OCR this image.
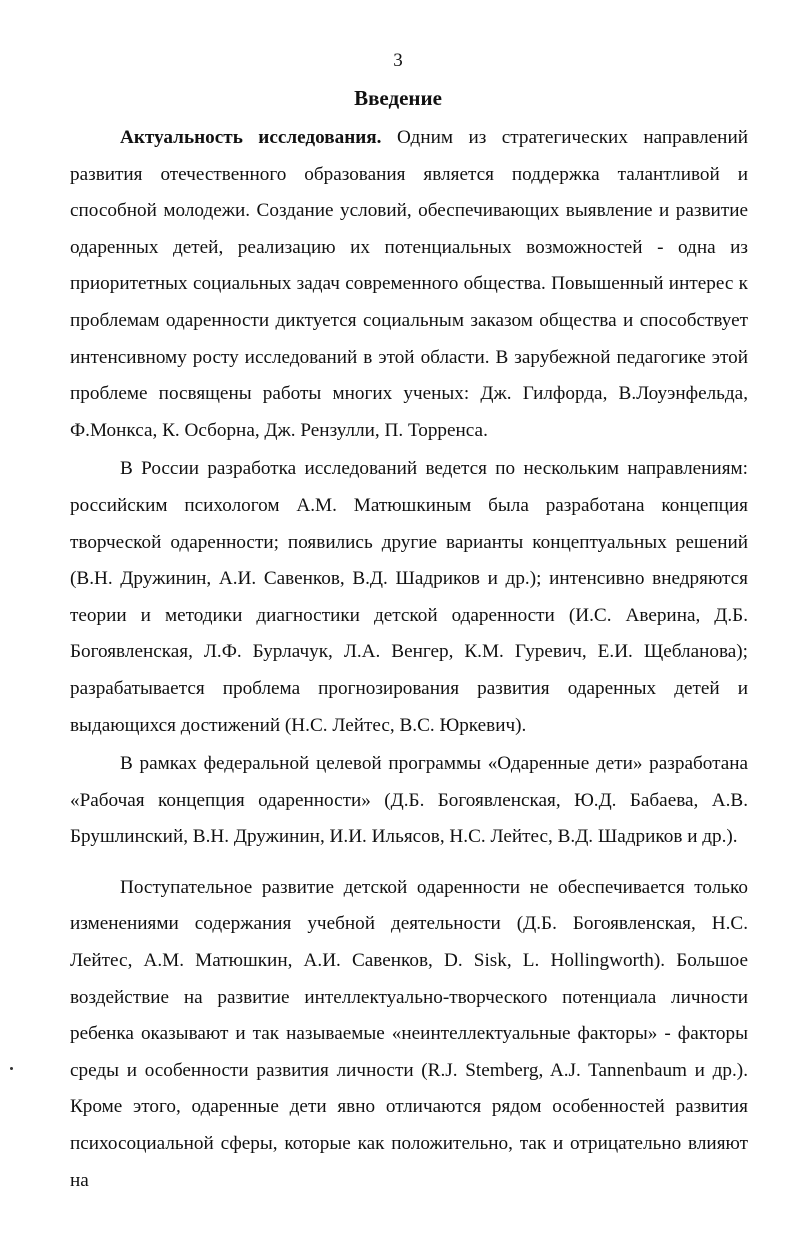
3
Введение

Актуальность исследования. Одним из стратегических направлений развития отечественного образования является поддержка талантливой и способной молодежи. Создание условий, обеспечивающих выявление и развитие одаренных детей, реализацию их потенциальных возможностей - одна из приоритетных социальных задач современного общества. Повышенный интерес к проблемам одаренности диктуется социальным заказом общества и способствует интенсивному росту исследований в этой области. В зарубежной педагогике этой проблеме посвящены работы многих ученых: Дж. Гилфорда, В.Лоуэнфельда, Ф.Монкса, К. Осборна, Дж. Рензулли, П. Торренса.

В России разработка исследований ведется по нескольким направлениям: российским психологом А.М. Матюшкиным была разработана концепция творческой одаренности; появились другие варианты концептуальных решений (В.Н. Дружинин, А.И. Савенков, В.Д. Шадриков и др.); интенсивно внедряются теории и методики диагностики детской одаренности (И.С. Аверина, Д.Б. Богоявленская, Л.Ф. Бурлачук, Л.А. Венгер, К.М. Гуревич, Е.И. Щебланова); разрабатывается проблема прогнозирования развития одаренных детей и выдающихся достижений (Н.С. Лейтес, В.С. Юркевич).

В рамках федеральной целевой программы «Одаренные дети» разработана «Рабочая концепция одаренности» (Д.Б. Богоявленская, Ю.Д. Бабаева, А.В. Брушлинский, В.Н. Дружинин, И.И. Ильясов, Н.С. Лейтес, В.Д. Шадриков и др.).

Поступательное развитие детской одаренности не обеспечивается только изменениями содержания учебной деятельности (Д.Б. Богоявленская, Н.С. Лейтес, А.М. Матюшкин, А.И. Савенков, D. Sisk, L. Hollingworth). Большое воздействие на развитие интеллектуально-творческого потенциала личности ребенка оказывают и так называемые «неинтеллектуальные факторы» - факторы среды и особенности развития личности (R.J. Stemberg, A.J. Tannenbaum и др.). Кроме этого, одаренные дети явно отличаются рядом особенностей развития психосоциальной сферы, которые как положительно, так и отрицательно влияют на
